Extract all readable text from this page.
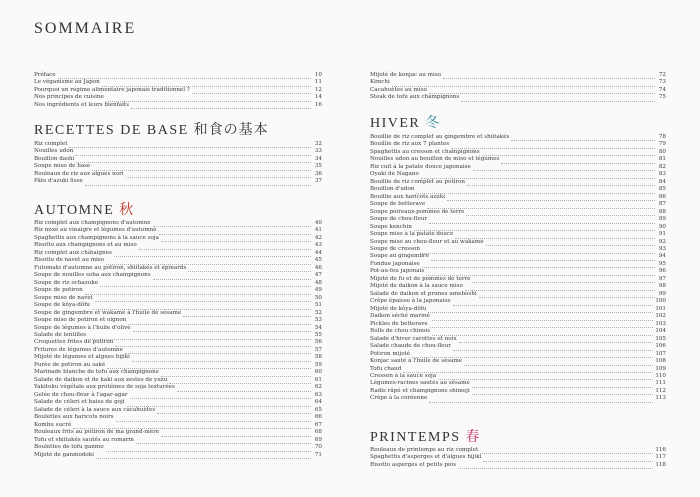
SOMMAIRE
Préface	10
Le véganisme au Japon	11
Pourquoi un régime alimentaire japonais traditionnel ?	12
Nos principes de cuisine	14
Nos ingrédients et leurs bienfaits	16
RECETTES DE BASE 和食の基本
Riz complet	32
Nouilles udon	33
Bouillon dashi	34
Soupe miso de base	35
Rouleaux de riz aux algues nori	36
Pâte d'azuki lisse	37
AUTOMNE 秋
Riz complet aux champignons d'automne	40
Riz mixé au vinaigre et légumes d'automne	41
Spaghettis aux champignons à la sauce soja	42
Risotto aux champignons et au miso	43
Riz complet aux châtaignes	44
Risotto de navet au miso	45
Futomaki d'automne au potiron, shiitakés et épinards	46
Soupe de nouilles soba aux champignons	47
Soupe de riz ochazuke	48
Soupe de potiron	49
Soupe miso de navet	50
Soupe de kôya-dôfu	51
Soupe de gingembre et wakamé à l'huile de sésame	52
Soupe miso de potiron et oignon	53
Soupe de légumes à l'huile d'olive	54
Salade de lentilles	55
Croquettes frites de potiron	56
Fritures de légumes d'automne	57
Mijoté de légumes et algues hijiki	58
Purée de potiron au saké	59
Marinade blanche de tofu aux champignons	60
Salade de daikon et de kaki aux zestes de yuzu	61
Yakitoku végétale aux protéines de soja texturées	62
Gelée de chou-fleur à l'agar-agar	63
Salade de céleri et baies de goji	64
Salade de céleri à la sauce aux cacahuètes	65
Boulettes aux haricots noirs	66
Kombu sucré	67
Rouleaux frits au potiron de ma grand-mère	68
Tofu et shiitakés sautés au romarin	69
Boulettes de tofu ganmo	70
Mijoté de ganmodoki	71
Mijoté de konjac au miso	72
Kimchi	73
Cacahuètes au miso	74
Steak de tofu aux champignons	75
HIVER 冬
Bouillie de riz complet au gingembre et shiitakés	78
Bouillie de riz aux 7 plantes	79
Spaghettis au cresson et champignons	80
Nouilles udon au bouillon de miso et légumes	81
Riz cuit à la patate douce japonaise	82
Oyaki de Nagano	83
Bouillie de riz complet au potiron	84
Bouillon d'udon	85
Bouillie aux haricots azuki	86
Soupe de betterave	87
Soupe poireaux-pommes de terre	88
Soupe de chou-fleur	89
Soupe kenchin	90
Soupe miso à la patate douce	91
Soupe miso au chou-fleur et au wakamé	92
Soupe de cresson	93
Soupe au gingembre	94
Fondue japonaise	95
Pot-au-feu japonais	96
Mijoté de fu et de pommes de terre	97
Mijoté de daikon à la sauce miso	98
Salade de daikon et prunes umeboshi	99
Crêpe épaisse à la japonaise	100
Mijoté de kôya-dôfu	101
Daikon séché mariné	102
Pickles de betterave	103
Rolls de chou chinois	104
Salade d'hiver carottes et noix	105
Salade chaude de chou-fleur	106
Potiron mijoté	107
Konjac sauté à l'huile de sésame	108
Tofu chaud	109
Cresson à la sauce soja	110
Légumes-racines sautés au sésame	111
Radis râpé et champignons shimeji	112
Crêpe à la coréenne	113
PRINTEMPS 春
Rouleaux de printemps au riz complet	116
Spaghettis d'asperges et d'algues hijiki	117
Risotto asperges et petits pois	118
